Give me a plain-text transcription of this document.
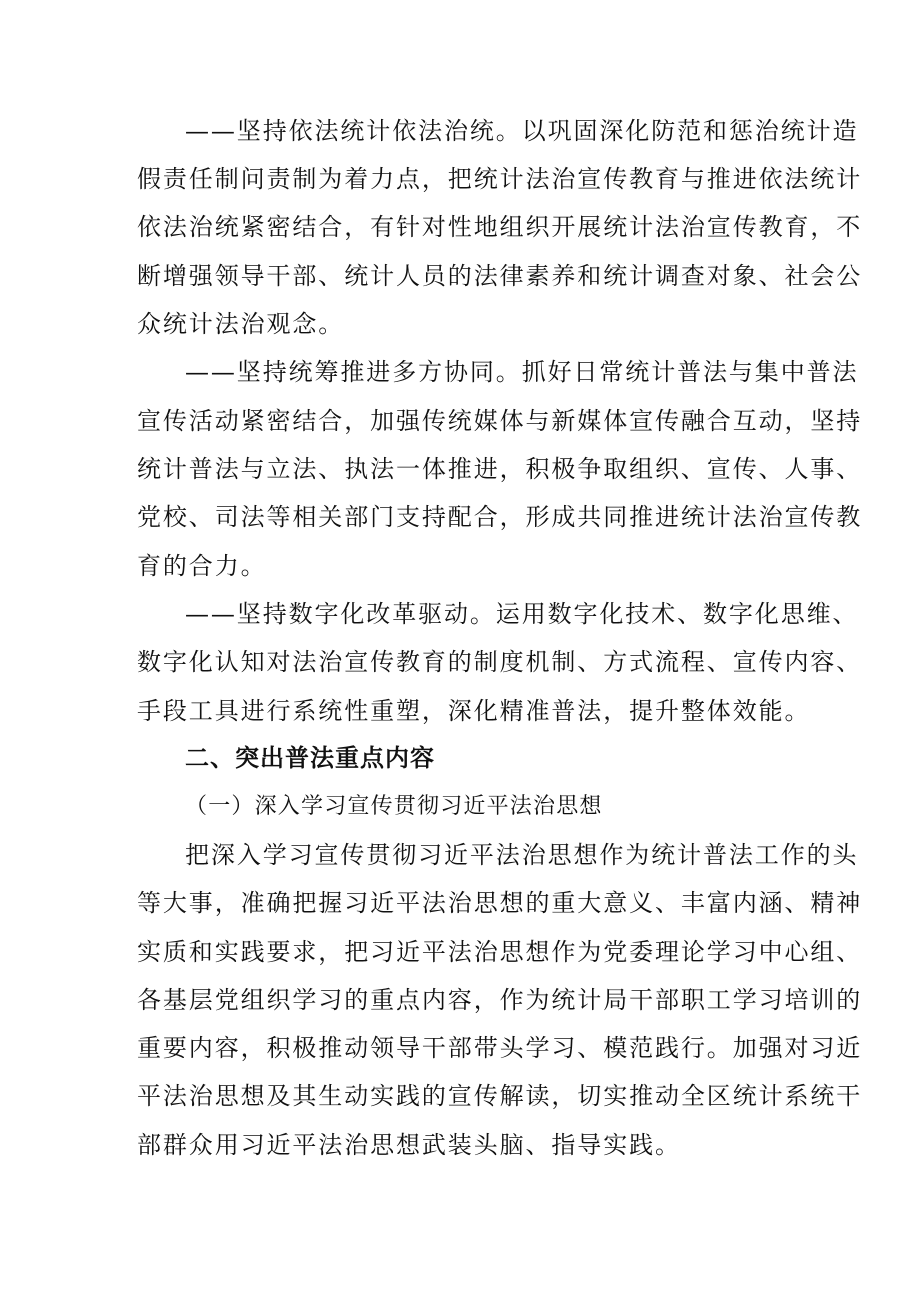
——坚持依法统计依法治统。以巩固深化防范和惩治统计造
假责任制问责制为着力点，把统计法治宣传教育与推进依法统计
依法治统紧密结合，有针对性地组织开展统计法治宣传教育，不
断增强领导干部、统计人员的法律素养和统计调查对象、社会公
众统计法治观念。
——坚持统筹推进多方协同。抓好日常统计普法与集中普法
宣传活动紧密结合，加强传统媒体与新媒体宣传融合互动，坚持
统计普法与立法、执法一体推进，积极争取组织、宣传、人事、
党校、司法等相关部门支持配合，形成共同推进统计法治宣传教
育的合力。
——坚持数字化改革驱动。运用数字化技术、数字化思维、
数字化认知对法治宣传教育的制度机制、方式流程、宣传内容、
手段工具进行系统性重塑，深化精准普法，提升整体效能。
二、突出普法重点内容
（一）深入学习宣传贯彻习近平法治思想
把深入学习宣传贯彻习近平法治思想作为统计普法工作的头
等大事，准确把握习近平法治思想的重大意义、丰富内涵、精神
实质和实践要求，把习近平法治思想作为党委理论学习中心组、
各基层党组织学习的重点内容，作为统计局干部职工学习培训的
重要内容，积极推动领导干部带头学习、模范践行。加强对习近
平法治思想及其生动实践的宣传解读，切实推动全区统计系统干
部群众用习近平法治思想武装头脑、指导实践。
